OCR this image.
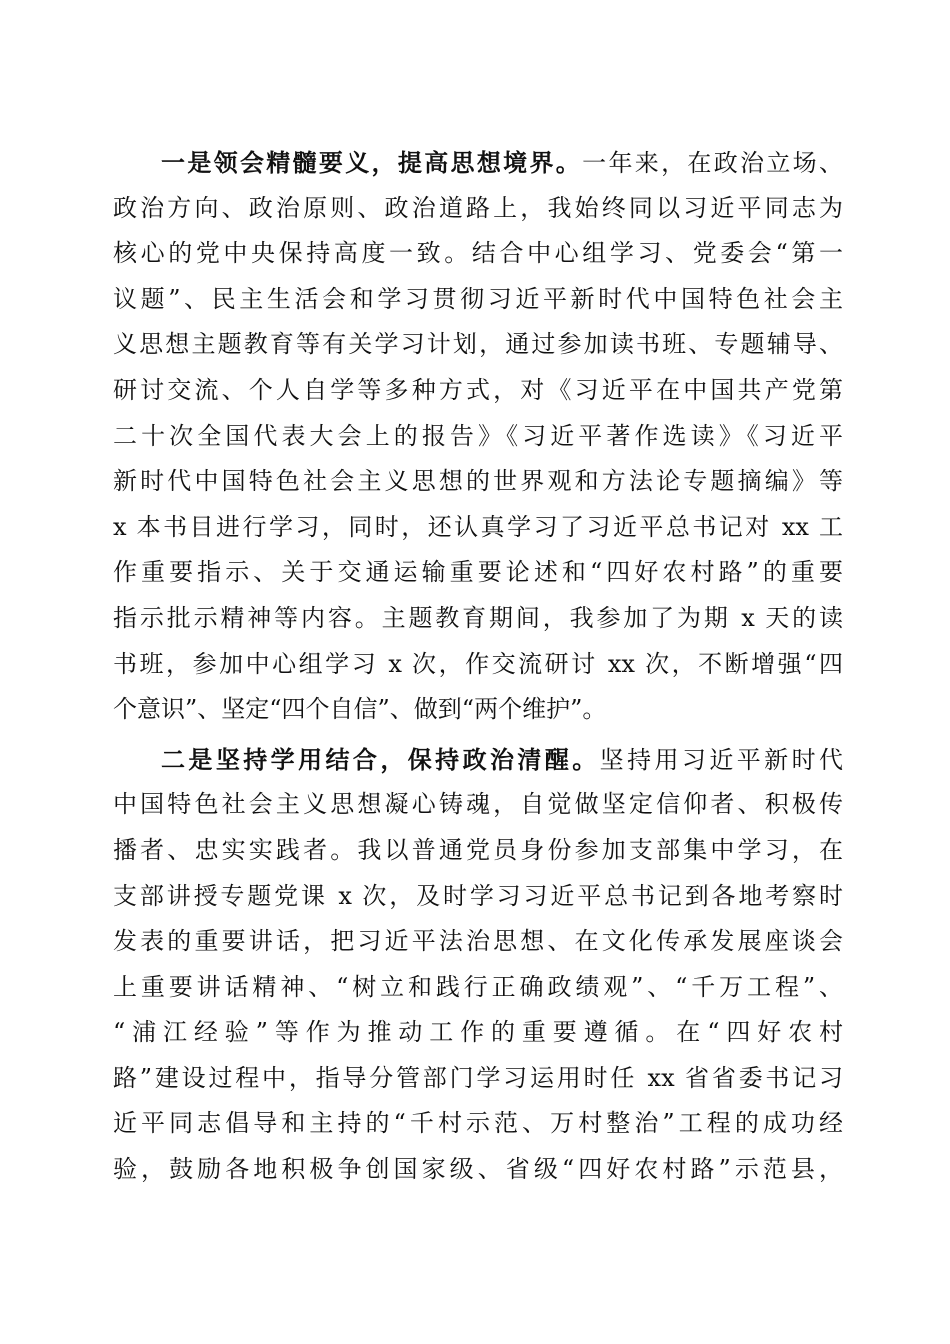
一是领会精髓要义，提高思想境界。一年来，在政治立场、
政治方向、政治原则、政治道路上，我始终同以习近平同志为
核心的党中央保持高度一致。结合中心组学习、党委会“第一
议题”、民主生活会和学习贯彻习近平新时代中国特色社会主
义思想主题教育等有关学习计划，通过参加读书班、专题辅导、
研讨交流、个人自学等多种方式，对《习近平在中国共产党第
二十次全国代表大会上的报告》《习近平著作选读》《习近平
新时代中国特色社会主义思想的世界观和方法论专题摘编》等
x 本书目进行学习，同时，还认真学习了习近平总书记对 xx 工
作重要指示、关于交通运输重要论述和“四好农村路”的重要
指示批示精神等内容。主题教育期间，我参加了为期 x 天的读
书班，参加中心组学习 x 次，作交流研讨 xx 次，不断增强“四
个意识”、坚定“四个自信”、做到“两个维护”。
二是坚持学用结合，保持政治清醒。坚持用习近平新时代
中国特色社会主义思想凝心铸魂，自觉做坚定信仰者、积极传
播者、忠实实践者。我以普通党员身份参加支部集中学习，在
支部讲授专题党课 x 次，及时学习习近平总书记到各地考察时
发表的重要讲话，把习近平法治思想、在文化传承发展座谈会
上重要讲话精神、“树立和践行正确政绩观”、“千万工程”、
“浦江经验”等作为推动工作的重要遵循。在“四好农村
路”建设过程中，指导分管部门学习运用时任 xx 省省委书记习
近平同志倡导和主持的“千村示范、万村整治”工程的成功经
验，鼓励各地积极争创国家级、省级“四好农村路”示范县，
